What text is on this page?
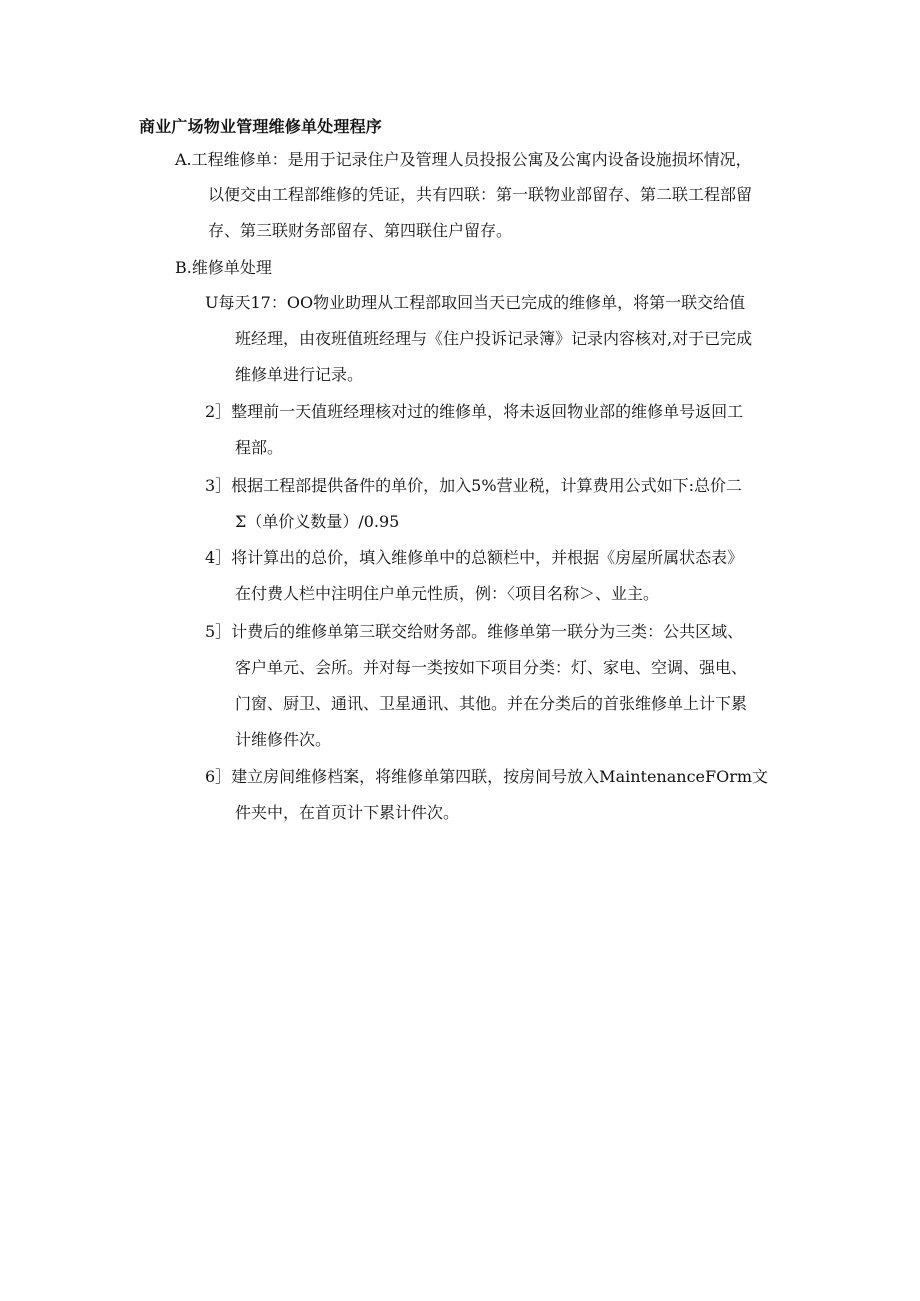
商业广场物业管理维修单处理程序
A.工程维修单：是用于记录住户及管理人员投报公寓及公寓内设备设施损坏情况，
以便交由工程部维修的凭证，共有四联：第一联物业部留存、第二联工程部留
存、第三联财务部留存、第四联住户留存。
B.维修单处理
U每天17：OO物业助理从工程部取回当天已完成的维修单，将第一联交给值
班经理，由夜班值班经理与《住户投诉记录簿》记录内容核对,对于已完成
维修单进行记录。
2］整理前一天值班经理核对过的维修单，将未返回物业部的维修单号返回工
程部。
3］根据工程部提供备件的单价，加入5%营业税，计算费用公式如下:总价二
Σ（单价义数量）/0.95
4］将计算出的总价，填入维修单中的总额栏中，并根据《房屋所属状态表》
在付费人栏中注明住户单元性质，例：〈项目名称＞、业主。
5］计费后的维修单第三联交给财务部。维修单第一联分为三类：公共区域、
客户单元、会所。并对每一类按如下项目分类：灯、家电、空调、强电、
门窗、厨卫、通讯、卫星通讯、其他。并在分类后的首张维修单上计下累
计维修件次。
6］建立房间维修档案，将维修单第四联，按房间号放入MaintenanceFOrm文
件夹中，在首页计下累计件次。
